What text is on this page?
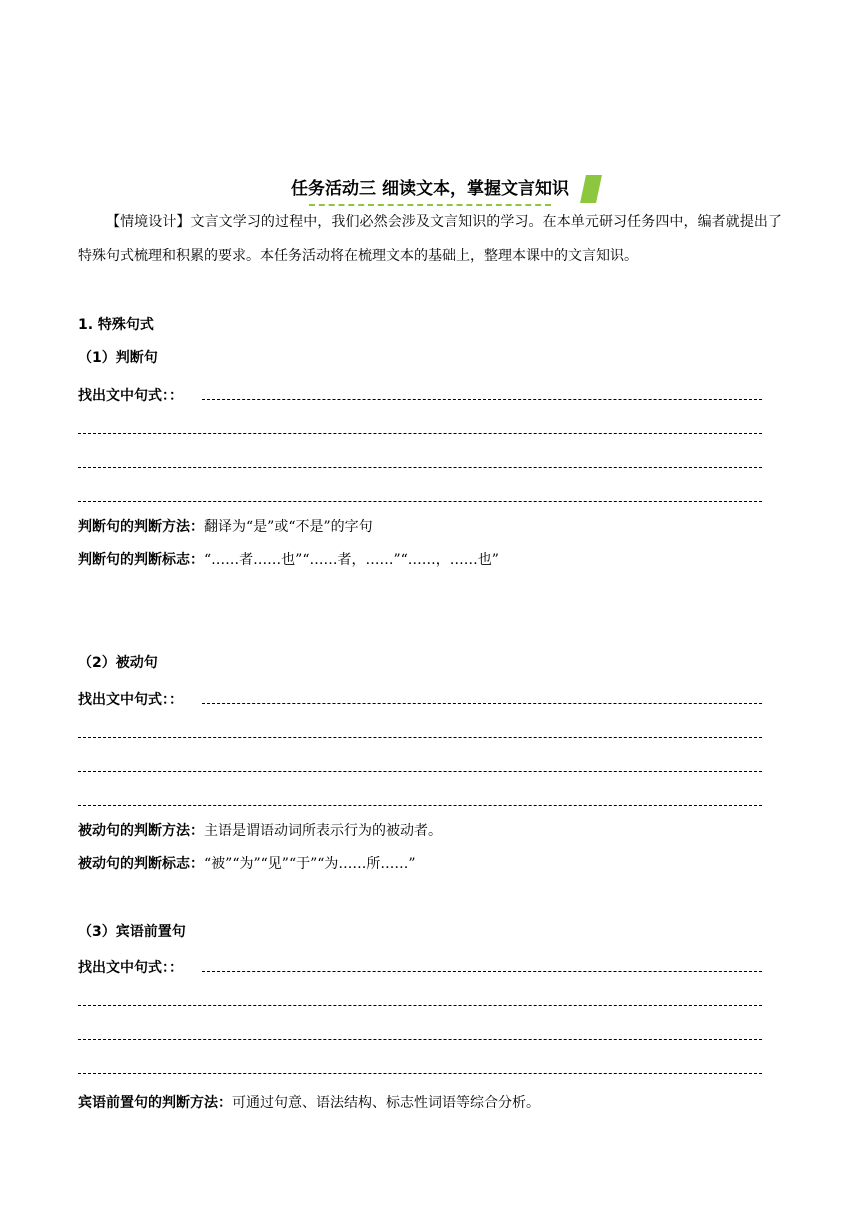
任务活动三 细读文本，掌握文言知识

【情境设计】文言文学习的过程中，我们必然会涉及文言知识的学习。在本单元研习任务四中，编者就提出了特殊句式梳理和积累的要求。本任务活动将在梳理文本的基础上，整理本课中的文言知识。

1. 特殊句式
（1）判断句
找出文中句式：：
判断句的判断方法：翻译为“是”或“不是”的字句
判断句的判断标志：“……者……也”“……者，……”“……，……也”
（2）被动句
找出文中句式：：
被动句的判断方法：主语是谓语动词所表示行为的被动者。
被动句的判断标志：“被”“为”“见”“于”“为……所……”
（3）宾语前置句
找出文中句式：：
宾语前置句的判断方法：可通过句意、语法结构、标志性词语等综合分析。
